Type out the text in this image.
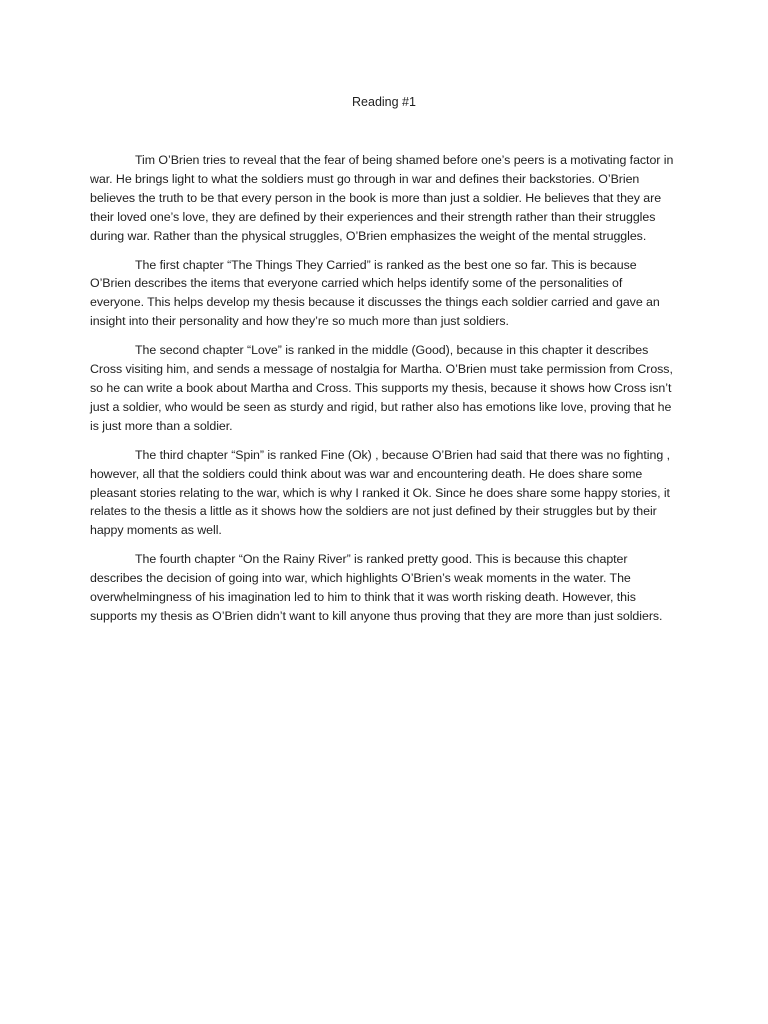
Reading #1

Tim O’Brien tries to reveal that the fear of being shamed before one’s peers is a motivating factor in war. He brings light to what the soldiers must go through in war and defines their backstories. O’Brien believes the truth to be that every person in the book is more than just a soldier. He believes that they are their loved one’s love, they are defined by their experiences and their strength rather than their struggles during war. Rather than the physical struggles, O’Brien emphasizes the weight of the mental struggles.

The first chapter “The Things They Carried” is ranked as the best one so far. This is because O’Brien describes the items that everyone carried which helps identify some of the personalities of everyone. This helps develop my thesis because it discusses the things each soldier carried and gave an insight into their personality and how they’re so much more than just soldiers.

The second chapter “Love” is ranked in the middle (Good), because in this chapter it describes Cross visiting him, and sends a message of nostalgia for Martha. O’Brien must take permission from Cross, so he can write a book about Martha and Cross. This supports my thesis, because it shows how Cross isn’t just a soldier, who would be seen as sturdy and rigid, but rather also has emotions like love, proving that he is just more than a soldier.

The third chapter “Spin” is ranked Fine (Ok) , because O’Brien had said that there was no fighting , however, all that the soldiers could think about was war and encountering death. He does share some pleasant stories relating to the war, which is why I ranked it Ok. Since he does share some happy stories, it relates to the thesis a little as it shows how the soldiers are not just defined by their struggles but by their happy moments as well.

The fourth chapter “On the Rainy River” is ranked pretty good. This is because this chapter describes the decision of going into war, which highlights O’Brien’s weak moments in the water. The overwhelmingness of his imagination led to him to think that it was worth risking death. However, this supports my thesis as O’Brien didn’t want to kill anyone thus proving that they are more than just soldiers.
